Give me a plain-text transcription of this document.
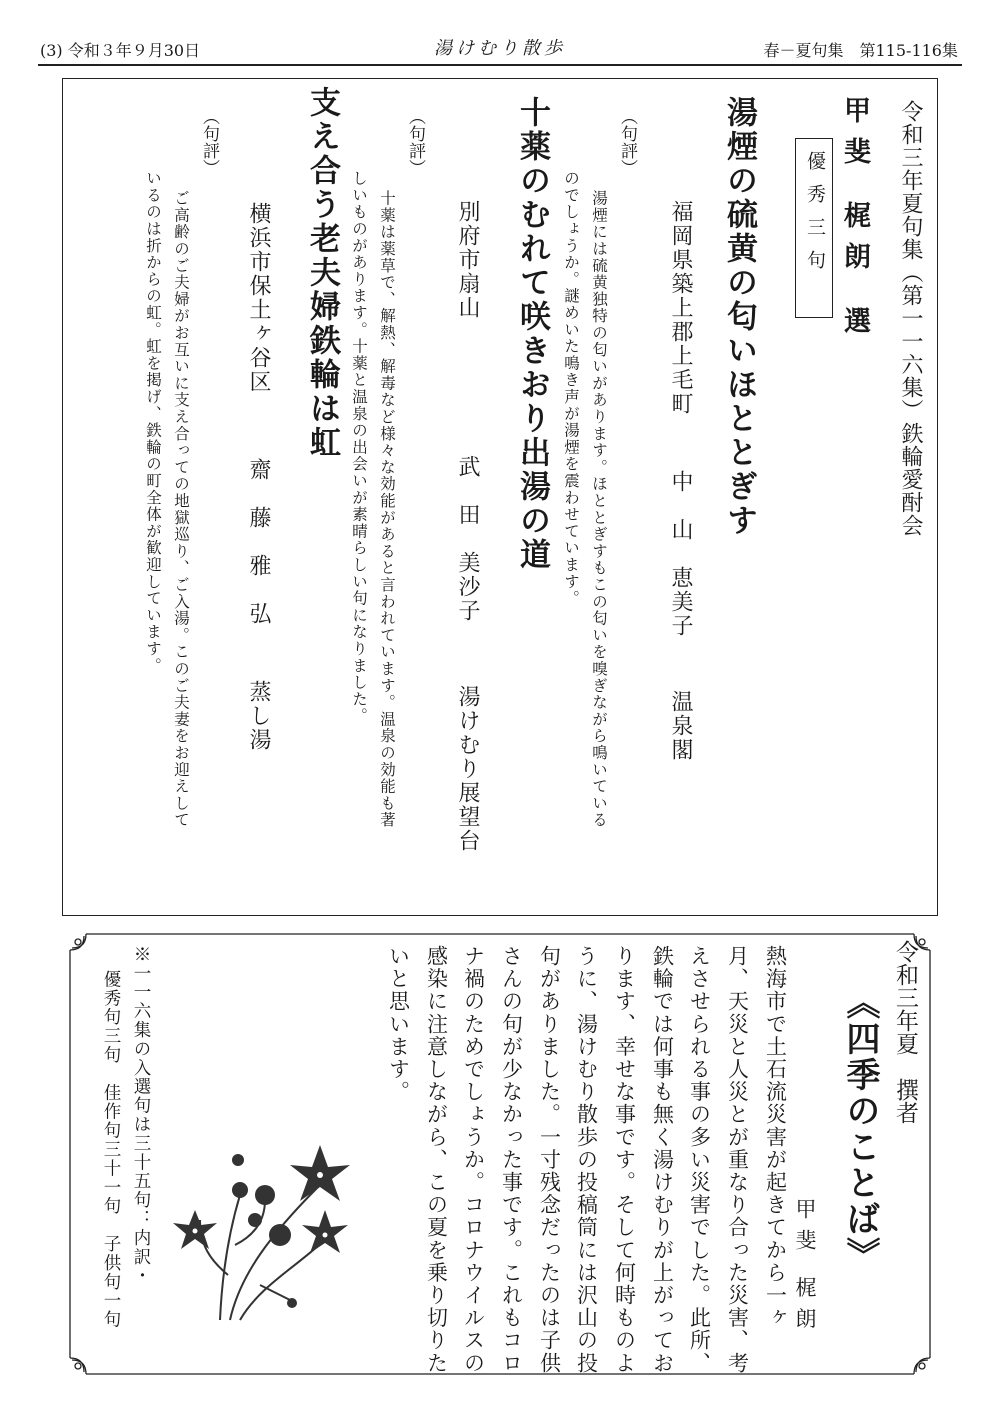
(3) 令和３年９月30日	湯けむり散歩	春－夏句集　第115-116集
令和三年夏句集（第一一六集）鉄輪愛酎会
甲斐 梶朗 選
優秀三句
湯煙の硫黄の匂いほととぎす
福岡県築上郡上毛町
中　山　恵美子
温泉閣
（句評）
湯煙には硫黄独特の匂いがあります。ほととぎすもこの匂いを嗅ぎながら鳴いている
のでしょうか。謎めいた鳴き声が湯煙を震わせています。
十薬のむれて咲きおり出湯の道
別府市扇山
武　田　美沙子
湯けむり展望台
（句評）
十薬は薬草で、解熱、解毒など様々な効能があると言われています。温泉の効能も著
しいものがあります。十薬と温泉の出会いが素晴らしい句になりました。
支え合う老夫婦鉄輪は虹
横浜市保土ヶ谷区
齋　藤　雅　弘
蒸し湯
（句評）
ご高齢のご夫婦がお互いに支え合っての地獄巡り、ご入湯。このご夫妻をお迎えして
いるのは折からの虹。虹を掲げ、鉄輪の町全体が歓迎しています。
令和三年夏　撰者
《四季のことば》
甲斐 梶朗
熱海市で土石流災害が起きてから一ヶ
月、天災と人災とが重なり合った災害、考
えさせられる事の多い災害でした。此所、
鉄輪では何事も無く湯けむりが上がってお
ります、幸せな事です。そして何時ものよ
うに、湯けむり散歩の投稿筒には沢山の投
句がありました。一寸残念だったのは子供
さんの句が少なかった事です。これもコロ
ナ禍のためでしょうか。コロナウイルスの
感染に注意しながら、この夏を乗り切りた
いと思います。
※一一六集の入選句は三十五句：内訳・
優秀句三句　佳作句三十一句　子供句一句
